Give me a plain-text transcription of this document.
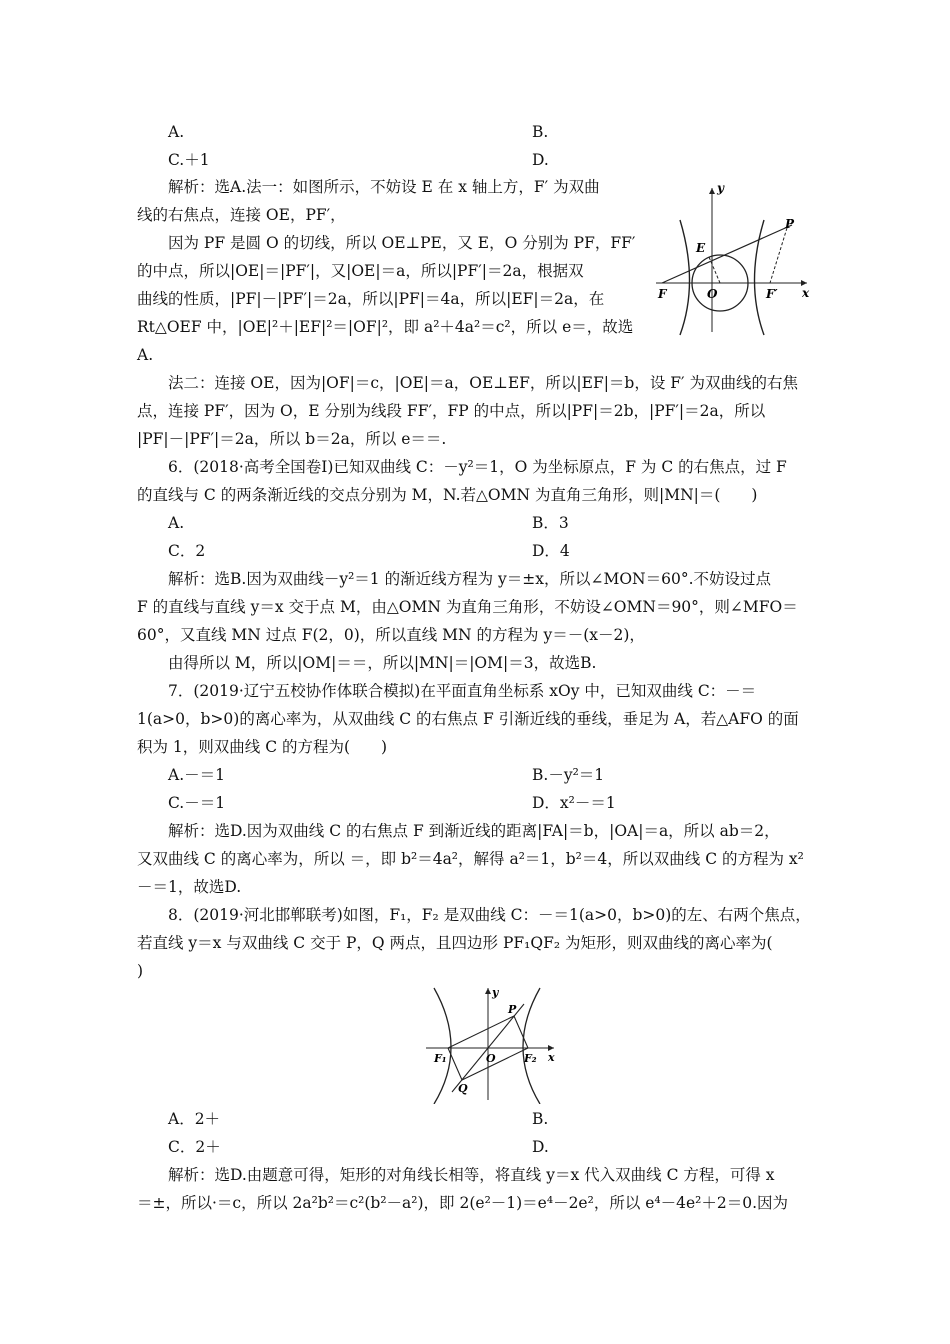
A.	B.
C.＋1	D.
解析：选A.法一：如图所示，不妨设 E 在 x 轴上方，F′ 为双曲
线的右焦点，连接 OE，PF′，
因为 PF 是圆 O 的切线，所以 OE⊥PE，又 E，O 分别为 PF，FF′
的中点，所以|OE|＝|PF′|，又|OE|＝a，所以|PF′|＝2a，根据双
曲线的性质，|PF|－|PF′|＝2a，所以|PF|＝4a，所以|EF|＝2a，在
Rt△OEF 中，|OE|²＋|EF|²＝|OF|²，即 a²＋4a²＝c²，所以 e＝，故选
A.
法二：连接 OE，因为|OF|＝c，|OE|＝a，OE⊥EF，所以|EF|＝b，设 F′ 为双曲线的右焦
点，连接 PF′，因为 O，E 分别为线段 FF′，FP 的中点，所以|PF|＝2b，|PF′|＝2a，所以
|PF|－|PF′|＝2a，所以 b＝2a，所以 e＝＝.
y
x
P
E
F	O	F′
6．(2018·高考全国卷Ⅰ)已知双曲线 C：－y²＝1，O 为坐标原点，F 为 C 的右焦点，过 F
的直线与 C 的两条渐近线的交点分别为 M，N.若△OMN 为直角三角形，则|MN|＝(　　)
A.	B．3
C．2	D．4
解析：选B.因为双曲线－y²＝1 的渐近线方程为 y＝±x，所以∠MON＝60°.不妨设过点
F 的直线与直线 y＝x 交于点 M，由△OMN 为直角三角形，不妨设∠OMN＝90°，则∠MFO＝
60°，又直线 MN 过点 F(2，0)，所以直线 MN 的方程为 y＝－(x－2)，
由得所以 M，所以|OM|＝＝，所以|MN|＝|OM|＝3，故选B.
7．(2019·辽宁五校协作体联合模拟)在平面直角坐标系 xOy 中，已知双曲线 C：－＝
1(a>0，b>0)的离心率为，从双曲线 C 的右焦点 F 引渐近线的垂线，垂足为 A，若△AFO 的面
积为 1，则双曲线 C 的方程为(　　)
A.－＝1	B.－y²＝1
C.－＝1	D．x²－＝1
解析：选D.因为双曲线 C 的右焦点 F 到渐近线的距离|FA|＝b，|OA|＝a，所以 ab＝2，
又双曲线 C 的离心率为，所以 ＝，即 b²＝4a²，解得 a²＝1，b²＝4，所以双曲线 C 的方程为 x²
－＝1，故选D.
8．(2019·河北邯郸联考)如图，F₁，F₂ 是双曲线 C：－＝1(a>0，b>0)的左、右两个焦点，
若直线 y＝x 与双曲线 C 交于 P，Q 两点，且四边形 PF₁QF₂ 为矩形，则双曲线的离心率为(
)
y
x
P
O
F₁	F₂
Q
A．2＋	B.
C．2＋	D.
解析：选D.由题意可得，矩形的对角线长相等，将直线 y＝x 代入双曲线 C 方程，可得 x
＝±，所以·＝c，所以 2a²b²＝c²(b²－a²)，即 2(e²－1)＝e⁴－2e²，所以 e⁴－4e²＋2＝0.因为
